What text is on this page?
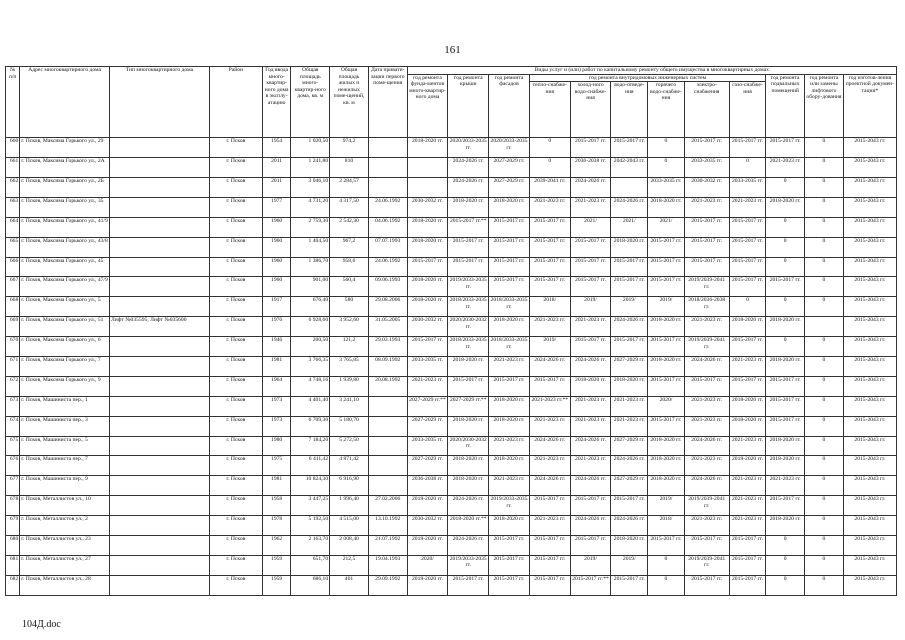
161
№ п/п	Адрес многоквартирного дома	Тип многоквартирного дома	Район	Год ввода много-квартир-ного дома в эксплу-атацию	Общая площадь много-квартир-ного дома, кв. м	Общая площадь жилых и нежилых поме-щений, кв. м	Дата привати-зации первого поме-щения	Виды услуг и (или) работ по капитальному ремонту общего имущества в многоквартирных домах											
								год ремонта фунда-ментов много-квартир-ного дома	год ремонта крыши	год ремонта фасадов	год ремонта внутридомовых инженерных систем						год ремонта подвальных помещений	год ремонта или замены лифтового обору-дования	год изготов-ления проектной докумен-тации*
											тепло-снабже-ния	холод-ного водо-снабже-ния	водо-отведе-ния	горячего водо-снабже-ния	электро-снабжения	газо-снабже-ния			
660	г. Псков, Максима Горького ул., 29		г. Псков	1954	1 020,50	974,2		2018-2020 гг.	2020/2033-2035 гг.	2020/2033-2035 гг.	0	2015-2017 гг.	2015-2017 гг.	0	2015-2017 гг.	2015-2017 гг.	2015-2017 гг.	0	2015-2043 гг.
661	г. Псков, Максима Горького ул., 2А		г. Псков	2011	1 241,80	810			2024-2026 гг.	2027-2029 гг.	0	2036-2038 гг.	2042-2043 гг.	0	2033-2035 гг.	0	2021-2023 гг.	0	2015-2043 гг.
662	г. Псков, Максима Горького ул., 2Б		г. Псков	2011	3 046,10	2 284,57			2024-2026 гг.	2027-2029 гг.	2039-2041 гг.	2024-2026 гг.		2033-2035 гг.	2030-2032 гг.	2033-2035 гг.	0	0	2015-2043 гг.
663	г. Псков, Максима Горького ул., 35		г. Псков	1977	4 731,20	4 317,50	24.06.1992	2030-2032 гг.	2018-2020 гг.	2018-2020 гг.	2021-2023 гг.	2021-2023 гг.	2024-2026 гг.	2018-2020 гг.	2021-2023 гг.	2021-2023 гг.	2018-2020 гг.	0	2015-2043 гг.
664	г. Псков, Максима Горького ул., 41/9		г. Псков	1960	2 759,30	2 542,30	04.06.1992	2018-2020 гг.	2015-2017 гг.**	2015-2017 гг.	2015-2017 гг.	2021/	2021/	2021/	2015-2017 гг.	2015-2017 гг.	0	0	2015-2043 гг.
665	г. Псков, Максима Горького ул., 43/8		г. Псков	1960	1 404,50	967,2	07.07.1993	2018-2020 гг.	2015-2017 гг.	2015-2017 гг.	2015-2017 гг.	2015-2017 гг.	2018-2020 гг.	2015-2017 гг.	2015-2017 гг.	2015-2017 гг.	0	0	2015-2043 гг.
666	г. Псков, Максима Горького ул., 45		г. Псков	1960	1 386,70	958,6	24.06.1992	2015-2017 гг.	2015-2017 гг.	2015-2017 гг.	2015-2017 гг.	2015-2017 гг.	2015-2017 гг.	2015-2017 гг.	2015-2017 гг.	2015-2017 гг.	0	0	2015-2043 гг.
667	г. Псков, Максима Горького ул., 47/9		г. Псков	1960	901,00	560,4	09.06.1993	2018-2020 гг.	2019/2033-2035 гг.	2015-2017 гг.	2015-2017 гг.	2015-2017 гг.	2015-2017 гг.	2015-2017 гг.	2019/2039-2041 гг.	2015-2017 гг.	2015-2017 гг.	0	2015-2043 гг.
668	г. Псков, Максима Горького ул., 5		г. Псков	1917	676,40	580	29.08.2006	2018-2020 гг.	2018/2033-2035 гг.	2018/2033-2035 гг.	2018/	2019/	2019/	2019/	2018/2036-2038 гг.	0	0	0	2015-2043 гг.
669	г. Псков, Максима Горького ул., 51	Лифт №035595, Лифт №035600	г. Псков	1976	6 928,60	3 952,60	31.05.2005	2030-2032 гг.	2020/2030-2032 гг.	2018-2020 гг.	2021-2023 гг.	2021-2023 гг.	2024-2026 гг.	2018-2020 гг.	2021-2023 гг.	2018-2020 гг.	2018-2020 гг.		2015-2043 гг.
670	г. Псков, Максима Горького ул., 6		г. Псков	1946	200,50	121,2	29.03.1993	2015-2017 гг.	2018/2033-2035 гг.	2018/2033-2035 гг.	2019/	2015-2017 гг.	2015-2017 гг.	2015-2017 гг.	2019/2039-2041 гг.	2015-2017 гг.	0	0	2015-2043 гг.
671	г. Псков, Максима Горького ул., 7		г. Псков	1981	3 766,35	3 765,85	08.09.1992	2033-2035 гг.	2018-2020 гг.	2021-2023 гг.	2024-2026 гг.	2024-2026 гг.	2027-2029 гг.	2018-2020 гг.	2024-2026 гг.	2021-2023 гг.	2018-2020 гг.	0	2015-2043 гг.
672	г. Псков, Максима Горького ул., 9		г. Псков	1964	4 748,16	1 939,80	20.08.1992	2021-2023 гг.	2015-2017 гг.	2015-2017 гг.	2015-2017 гг.	2018-2020 гг.	2018-2020 гг.	2015-2017 гг.	2015-2017 гг.	2015-2017 гг.	2015-2017 гг.	0	2015-2043 гг.
673	г. Псков, Машиниста пер., 1		г. Псков	1973	4 401,40	3 241,10		2027-2029 гг.**	2027-2029 гг.**	2018-2020 гг.	2021-2023 гг.**	2021-2023 гг.	2021-2023 гг.	2020/	2021-2023 гг.	2018-2020 гг.	2015-2017 гг.	0	2015-2043 гг.
674	г. Псков, Машиниста пер., 3		г. Псков	1973	6 709,30	5 180,70		2027-2029 гг.	2018-2020 гг.	2018-2020 гг.	2021-2023 гг.	2021-2023 гг.	2021-2023 гг.	2015-2017 гг.	2021-2023 гг.	2018-2020 гг.	2015-2017 гг.	0	2015-2043 гг.
675	г. Псков, Машиниста пер., 5		г. Псков	1980	7 184,20	5 272,50		2033-2035 гг.	2020/2030-2032 гг.	2021-2023 гг.	2024-2026 гг.	2024-2026 гг.	2027-2029 гг.	2018-2020 гг.	2024-2026 гг.	2021-2023 гг.	2018-2020 гг.	0	2015-2043 гг.
676	г. Псков, Машиниста пер., 7		г. Псков	1975	6 411,42	4 871,42		2027-2029 гг.	2018-2020 гг.	2018-2020 гг.	2021-2023 гг.	2021-2023 гг.	2024-2026 гг.	2018-2020 гг.	2021-2023 гг.	2018-2020 гг.	2018-2020 гг.	0	2015-2043 гг.
677	г. Псков, Машиниста пер., 9		г. Псков	1981	10 824,30	6 916,90		2036-2038 гг.	2018-2020 гг.	2021-2023 гг.	2024-2026 гг.	2024-2026 гг.	2027-2029 гг.	2018-2020 гг.	2024-2026 гг.	2021-2023 гг.	2021-2023 гг.	0	2015-2043 гг.
678	г. Псков, Металлистов ул., 10		г. Псков	1958	3 447,25	1 996,40	27.02.2006	2018-2020 гг.	2024-2026 гг.	2019/2033-2035 гг.	2015-2017 гг.	2015-2017 гг.	2015-2017 гг.	2019/	2019/2039-2041 гг.	2021-2023 гг.	2015-2017 гг.	0	2015-2043 гг.
679	г. Псков, Металлистов ул., 2		г. Псков	1978	5 192,50	4 515,00	13.10.1992	2030-2032 гг.	2018-2020 гг.**	2018-2020 гг.	2021-2023 гг.	2024-2026 гг.	2024-2026 гг.	2018/	2021-2023 гг.	2021-2023 гг.	2018-2020 гг.	0	2015-2043 гг.
680	г. Псков, Металлистов ул., 23		г. Псков	1962	2 163,70	2 008,40	21.07.1992	2018-2020 гг.	2024-2026 гг.	2015-2017 гг.	2015-2017 гг.	2015-2017 гг.	2018-2020 гг.	2015-2017 гг.	2015-2017 гг.	2015-2017 гг.	0	0	2015-2043 гг.
681	г. Псков, Металлистов ул., 27		г. Псков	1959	651,70	212,5	19.04.1993	2020/	2019/2033-2035 гг.	2015-2017 гг.	2015-2017 гг.	2019/	2019/	0	2019/2039-2041 гг.	2015-2017 гг.	0	0	2015-2043 гг.
682	г. Псков, Металлистов ул., 28		г. Псков	1959	686,10	401	29.09.1992	2018-2020 гг.	2015-2017 гг.	2015-2017 гг.	2015-2017 гг.	2015-2017 гг.**	2015-2017 гг.	0	2015-2017 гг.	2015-2017 гг.	0	0	2015-2043 гг.
104Д.doc
